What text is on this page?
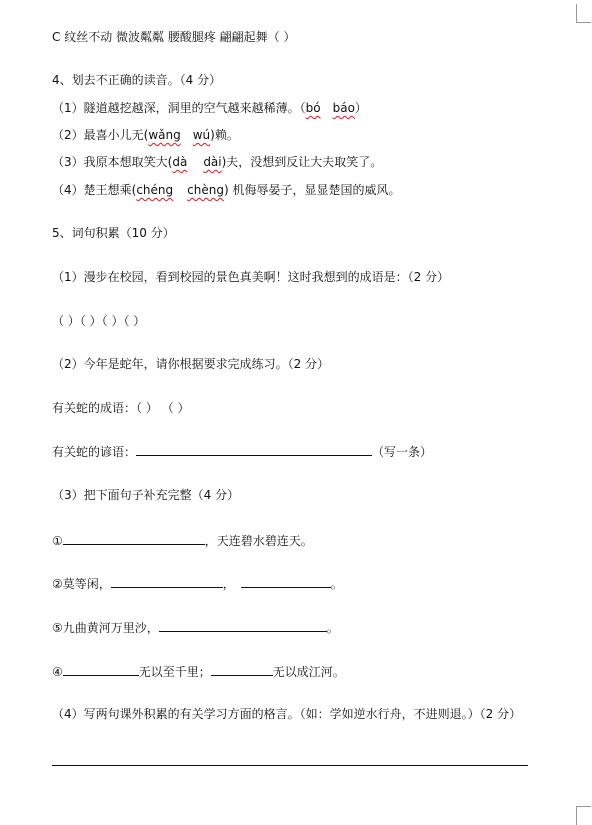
C 纹丝不动 微波粼粼 腰酸腿疼 翩翩起舞（ ）
4、划去不正确的读音。（4 分）
（1）隧道越挖越深，洞里的空气越来越稀薄。（bó báo）
（2）最喜小儿无(wǎng wú)赖。
（3）我原本想取笑大(dà dài)夫，没想到反让大夫取笑了。
（4）楚王想乘(chéng chèng) 机侮辱晏子，显显楚国的威风。
5、词句积累（10 分）
（1）漫步在校园，看到校园的景色真美啊！这时我想到的成语是：（2 分）
（ ）（ ）（ ）（ ）
（2）今年是蛇年，请你根据要求完成练习。（2 分）
有关蛇的成语：（ ） （ ）
有关蛇的谚语：	（写一条）
（3）把下面句子补充完整（4 分）
①	，天连碧水碧连天。
②莫等闲，	，	。
⑤九曲黄河万里沙，	。
④	无以至千里；	无以成江河。
（4）写两句课外积累的有关学习方面的格言。（如：学如逆水行舟，不进则退。）（2 分）
